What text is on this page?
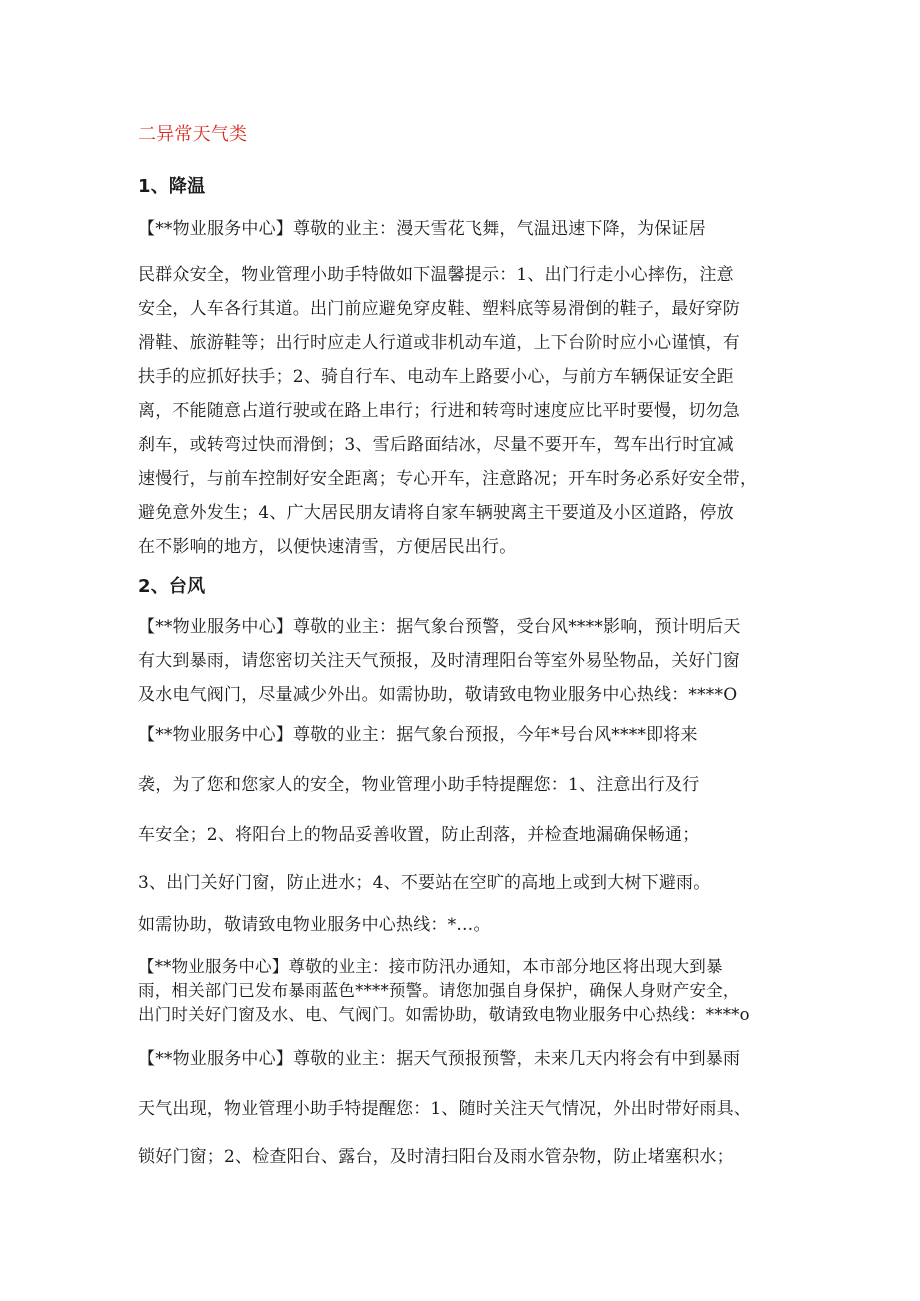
二异常天气类
1、降温
【**物业服务中心】尊敬的业主：漫天雪花飞舞，气温迅速下降，为保证居
民群众安全，物业管理小助手特做如下温馨提示：1、出门行走小心摔伤，注意
安全，人车各行其道。出门前应避免穿皮鞋、塑料底等易滑倒的鞋子，最好穿防
滑鞋、旅游鞋等；出行时应走人行道或非机动车道，上下台阶时应小心谨慎，有
扶手的应抓好扶手；2、骑自行车、电动车上路要小心，与前方车辆保证安全距
离，不能随意占道行驶或在路上串行；行进和转弯时速度应比平时要慢，切勿急
刹车，或转弯过快而滑倒；3、雪后路面结冰，尽量不要开车，驾车出行时宜减
速慢行，与前车控制好安全距离；专心开车，注意路况；开车时务必系好安全带，
避免意外发生；4、广大居民朋友请将自家车辆驶离主干要道及小区道路，停放
在不影响的地方，以便快速清雪，方便居民出行。
2、台风
【**物业服务中心】尊敬的业主：据气象台预警，受台风****影响，预计明后天
有大到暴雨，请您密切关注天气预报，及时清理阳台等室外易坠物品，关好门窗
及水电气阀门，尽量减少外出。如需协助，敬请致电物业服务中心热线：****O
【**物业服务中心】尊敬的业主：据气象台预报，今年*号台风****即将来
袭，为了您和您家人的安全，物业管理小助手特提醒您：1、注意出行及行
车安全；2、将阳台上的物品妥善收置，防止刮落，并检查地漏确保畅通；
3、出门关好门窗，防止进水；4、不要站在空旷的高地上或到大树下避雨。
如需协助，敬请致电物业服务中心热线：*…。
【**物业服务中心】尊敬的业主：接市防汛办通知，本市部分地区将出现大到暴
雨，相关部门已发布暴雨蓝色****预警。请您加强自身保护，确保人身财产安全，
出门时关好门窗及水、电、气阀门。如需协助，敬请致电物业服务中心热线：****o
【**物业服务中心】尊敬的业主：据天气预报预警，未来几天内将会有中到暴雨
天气出现，物业管理小助手特提醒您：1、随时关注天气情况，外出时带好雨具、
锁好门窗；2、检查阳台、露台，及时清扫阳台及雨水管杂物，防止堵塞积水；
